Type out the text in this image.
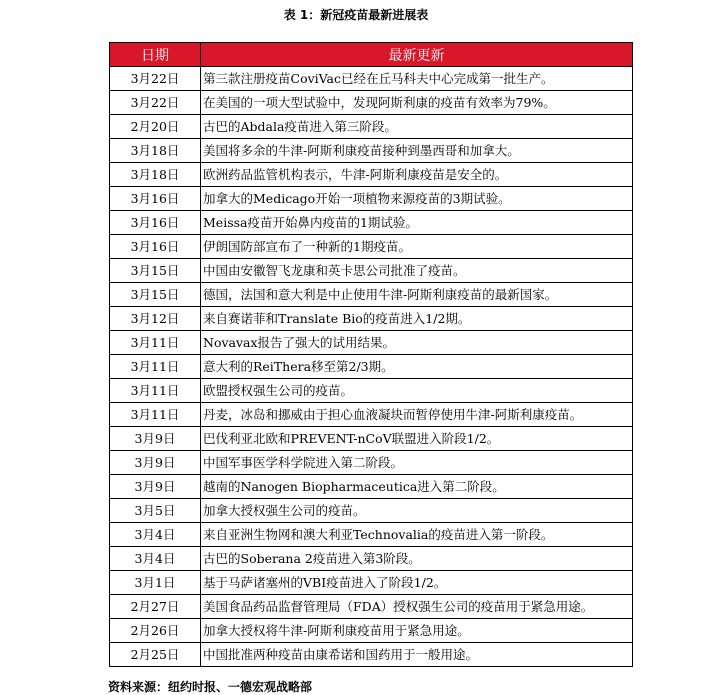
表 1：新冠疫苗最新进展表
日期	最新更新
3月22日	第三款注册疫苗CoviVac已经在丘马科夫中心完成第一批生产。
3月22日	在美国的一项大型试验中，发现阿斯利康的疫苗有效率为79%。
2月20日	古巴的Abdala疫苗进入第三阶段。
3月18日	美国将多余的牛津-阿斯利康疫苗接种到墨西哥和加拿大。
3月18日	欧洲药品监管机构表示，牛津-阿斯利康疫苗是安全的。
3月16日	加拿大的Medicago开始一项植物来源疫苗的3期试验。
3月16日	Meissa疫苗开始鼻内疫苗的1期试验。
3月16日	伊朗国防部宣布了一种新的1期疫苗。
3月15日	中国由安徽智飞龙康和英卡思公司批准了疫苗。
3月15日	德国，法国和意大利是中止使用牛津-阿斯利康疫苗的最新国家。
3月12日	来自赛诺菲和Translate Bio的疫苗进入1/2期。
3月11日	Novavax报告了强大的试用结果。
3月11日	意大利的ReiThera移至第2/3期。
3月11日	欧盟授权强生公司的疫苗。
3月11日	丹麦，冰岛和挪威由于担心血液凝块而暂停使用牛津-阿斯利康疫苗。
3月9日	巴伐利亚北欧和PREVENT-nCoV联盟进入阶段1/2。
3月9日	中国军事医学科学院进入第二阶段。
3月9日	越南的Nanogen Biopharmaceutica进入第二阶段。
3月5日	加拿大授权强生公司的疫苗。
3月4日	来自亚洲生物网和澳大利亚Technovalia的疫苗进入第一阶段。
3月4日	古巴的Soberana 2疫苗进入第3阶段。
3月1日	基于马萨诸塞州的VBI疫苗进入了阶段1/2。
2月27日	美国食品药品监督管理局（FDA）授权强生公司的疫苗用于紧急用途。
2月26日	加拿大授权将牛津-阿斯利康疫苗用于紧急用途。
2月25日	中国批准两种疫苗由康希诺和国药用于一般用途。
资料来源：纽约时报、一德宏观战略部
